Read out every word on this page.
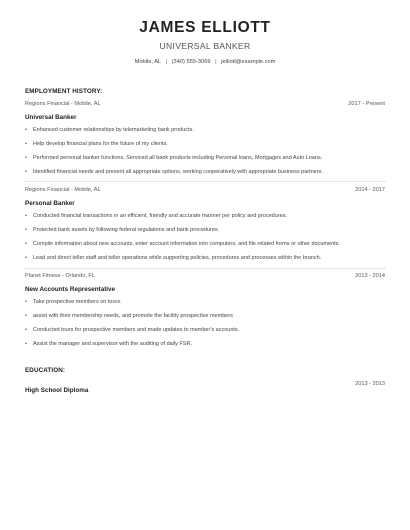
JAMES ELLIOTT
UNIVERSAL BANKER
Mobile, AL | (340) 555-3069 | jelliott@example.com
EMPLOYMENT HISTORY:
Regions Financial - Mobile, AL	2017 - Present
Universal Banker
• Enhanced customer relationships by telemarketing bank products.
• Help develop financial plans for the future of my clients.
• Performed personal banker functions, Serviced all bank products including Personal loans, Mortgages and Auto Loans.
• Identified financial needs and present all appropriate options, working cooperatively with appropriate business partners.
Regions Financial - Mobile, AL	2014 - 2017
Personal Banker
• Conducted financial transactions in an efficient, friendly and accurate manner per policy and procedures.
• Protected bank assets by following federal regulations and bank procedures.
• Compile information about new accounts, enter account information into computers, and file related forms or other documents.
• Lead and direct teller staff and teller operations while supporting policies, procedures and processes within the branch.
Planet Fitness - Orlando, FL	2013 - 2014
New Accounts Representative
• Take prospective members on tours.
• assist with their membership needs, and promote the facility prospective members
• Conducted tours for prospective members and made updates to member's accounts.
• Assist the manager and supervisor with the auditing of daily FSR.
EDUCATION:
2013 - 2013
High School Diploma
